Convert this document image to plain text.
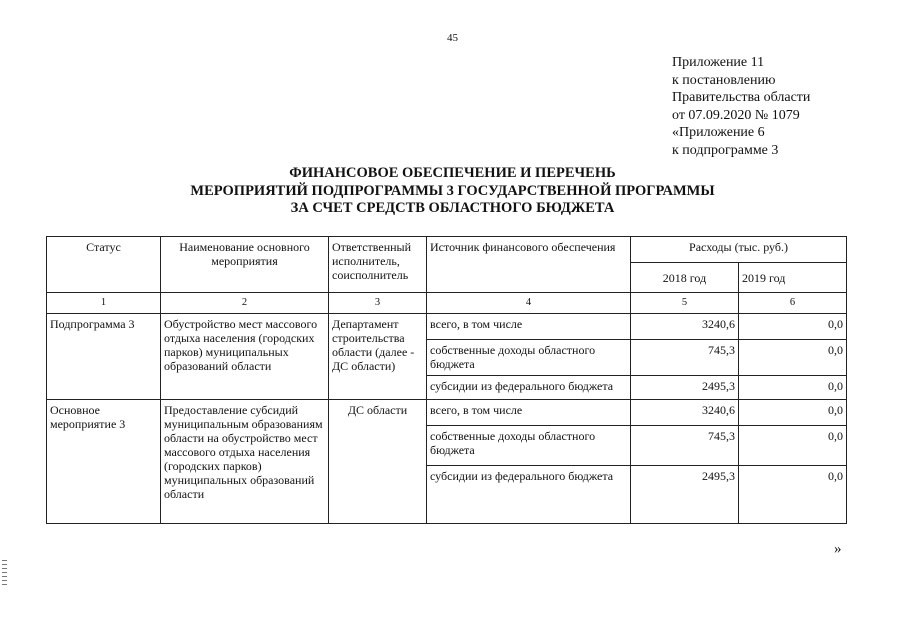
45
Приложение 11
к постановлению
Правительства области
от 07.09.2020 № 1079
«Приложение 6
к подпрограмме 3
ФИНАНСОВОЕ ОБЕСПЕЧЕНИЕ И ПЕРЕЧЕНЬ
МЕРОПРИЯТИЙ ПОДПРОГРАММЫ 3 ГОСУДАРСТВЕННОЙ ПРОГРАММЫ
ЗА СЧЕТ СРЕДСТВ ОБЛАСТНОГО БЮДЖЕТА
Статус	Наименование основного мероприятия	Ответственный исполнитель, соисполнитель	Источник финансового обеспечения	Расходы (тыс. руб.)	
				2018 год	2019 год
1	2	3	4	5	6
Подпрограмма 3	Обустройство мест массового отдыха населения (городских парков) муниципальных образований области	Департамент строительства области (далее - ДС области)	всего, в том числе	3240,6	0,0
			собственные доходы областного бюджета	745,3	0,0
			субсидии из федерального бюджета	2495,3	0,0
Основное мероприятие 3	Предоставление субсидий муниципальным образованиям области на обустройство мест массового отдыха населения (городских парков) муниципальных образований области	ДС области	всего, в том числе	3240,6	0,0
			собственные доходы областного бюджета	745,3	0,0
			субсидии из федерального бюджета	2495,3	0,0
»
